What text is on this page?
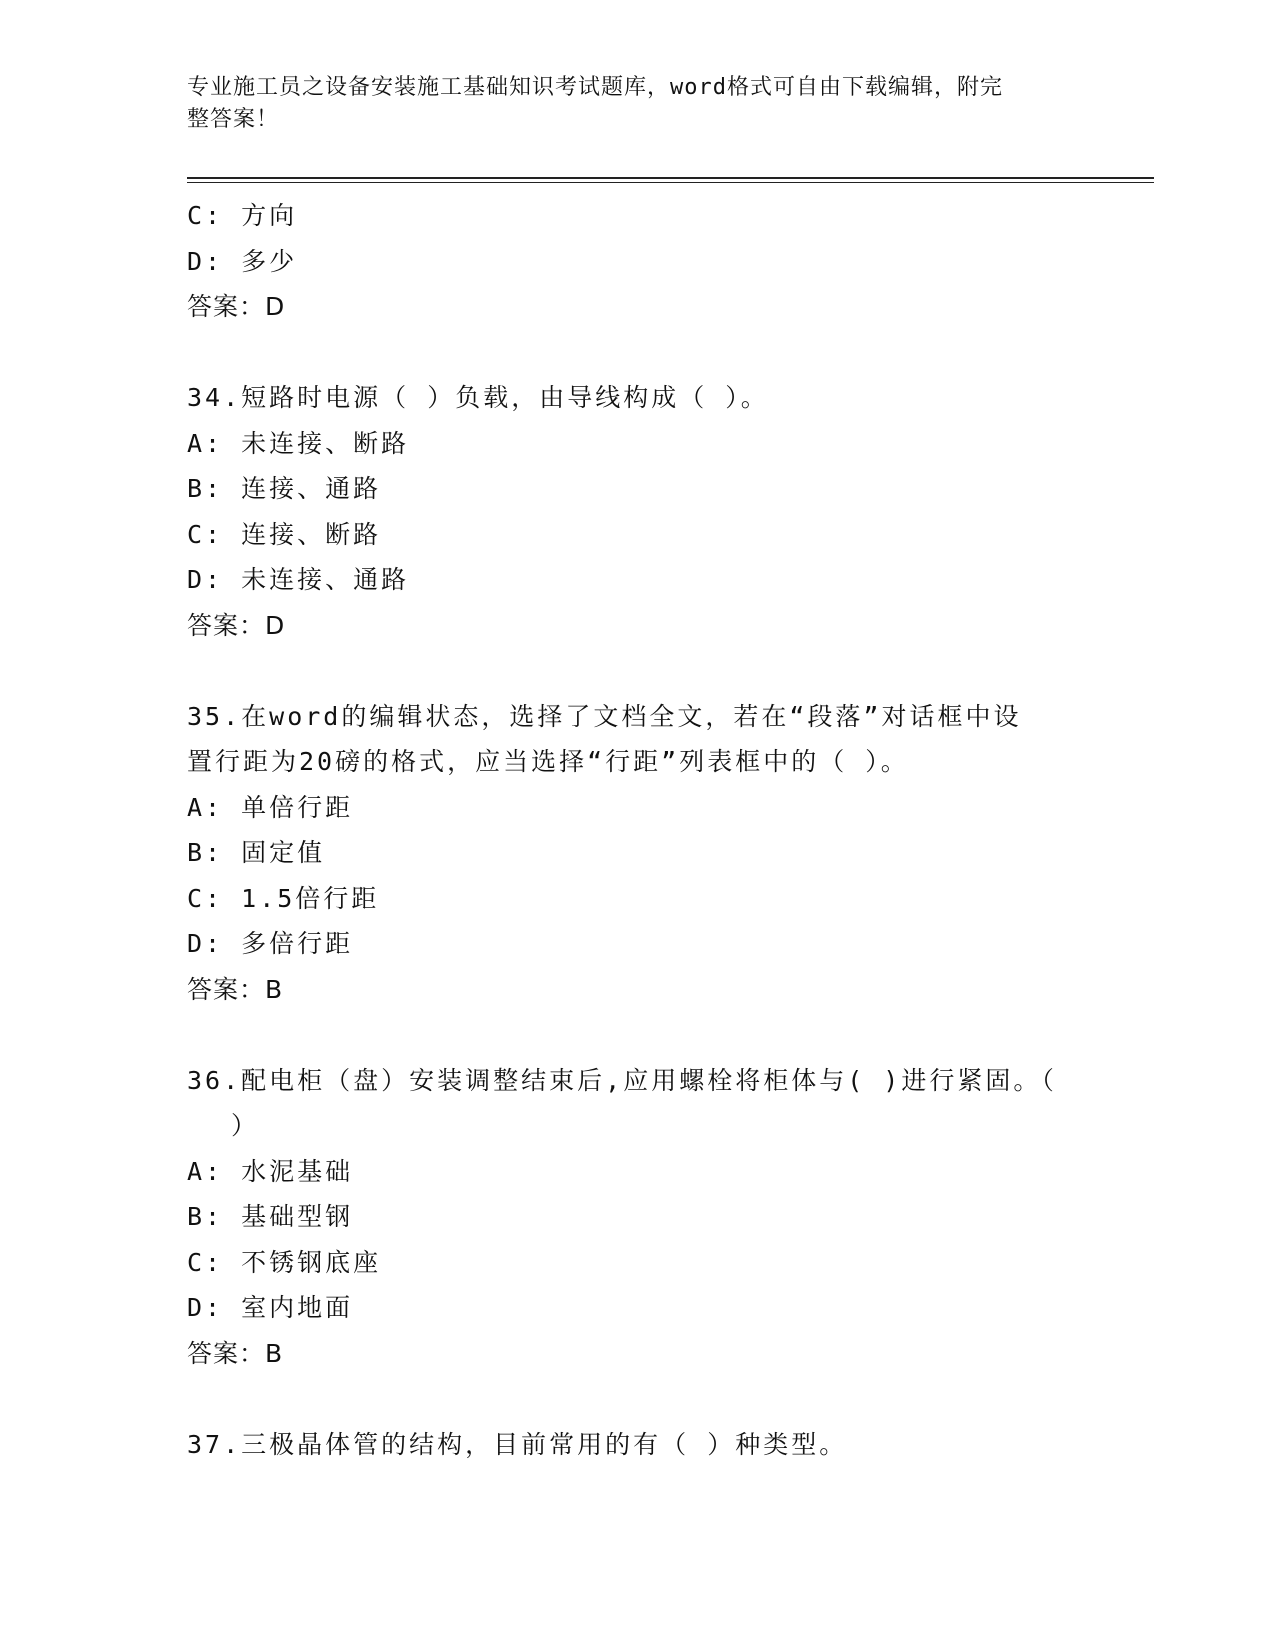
专业施工员之设备安装施工基础知识考试题库，word格式可自由下载编辑，附完
整答案！
C: 方向
D: 多少
答案：D
34.短路时电源（ ）负载，由导线构成（ ）。
A: 未连接、断路
B: 连接、通路
C: 连接、断路
D: 未连接、通路
答案：D
35.在word的编辑状态，选择了文档全文，若在“段落”对话框中设
置行距为20磅的格式，应当选择“行距”列表框中的（ ）。
A: 单倍行距
B: 固定值
C: 1.5倍行距
D: 多倍行距
答案：B
36.配电柜（盘）安装调整结束后,应用螺栓将柜体与( )进行紧固。（
）
A: 水泥基础
B: 基础型钢
C: 不锈钢底座
D: 室内地面
答案：B
37.三极晶体管的结构，目前常用的有（ ）种类型。
